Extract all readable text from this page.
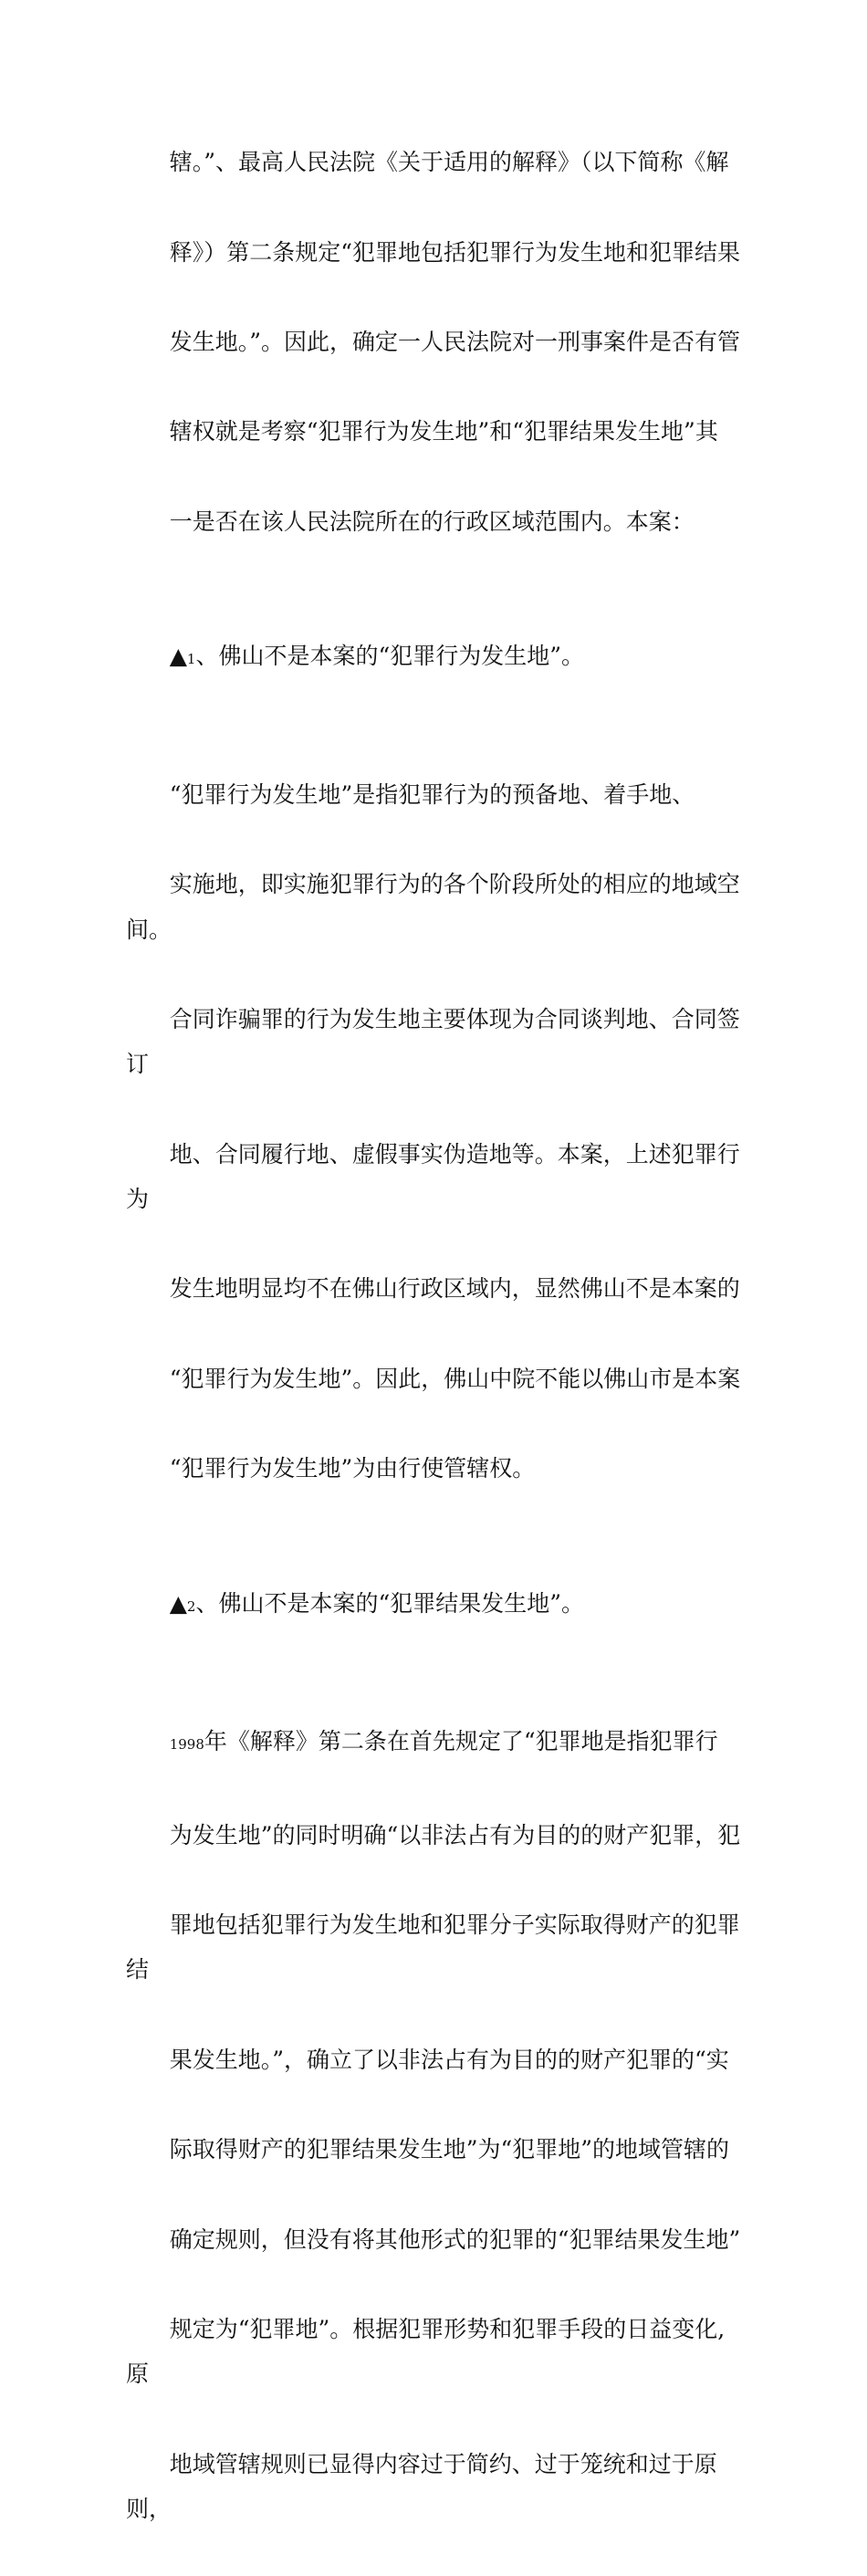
辖。”、最高人民法院《关于适用的解释》（以下简称《解

释》）第二条规定“犯罪地包括犯罪行为发生地和犯罪结果

发生地。”。因此，确定一人民法院对一刑事案件是否有管

辖权就是考察“犯罪行为发生地”和“犯罪结果发生地”其

一是否在该人民法院所在的行政区域范围内。本案：

▲1、佛山不是本案的“犯罪行为发生地”。

“犯罪行为发生地”是指犯罪行为的预备地、着手地、

实施地，即实施犯罪行为的各个阶段所处的相应的地域空间。

合同诈骗罪的行为发生地主要体现为合同谈判地、合同签订

地、合同履行地、虚假事实伪造地等。本案，上述犯罪行为

发生地明显均不在佛山行政区域内，显然佛山不是本案的

“犯罪行为发生地”。因此，佛山中院不能以佛山市是本案

“犯罪行为发生地”为由行使管辖权。

▲2、佛山不是本案的“犯罪结果发生地”。

1998年《解释》第二条在首先规定了“犯罪地是指犯罪行

为发生地”的同时明确“以非法占有为目的的财产犯罪，犯

罪地包括犯罪行为发生地和犯罪分子实际取得财产的犯罪结

果发生地。”，确立了以非法占有为目的的财产犯罪的“实

际取得财产的犯罪结果发生地”为“犯罪地”的地域管辖的

确定规则，但没有将其他形式的犯罪的“犯罪结果发生地”

规定为“犯罪地”。根据犯罪形势和犯罪手段的日益变化,原

地域管辖规则已显得内容过于简约、过于笼统和过于原则，
